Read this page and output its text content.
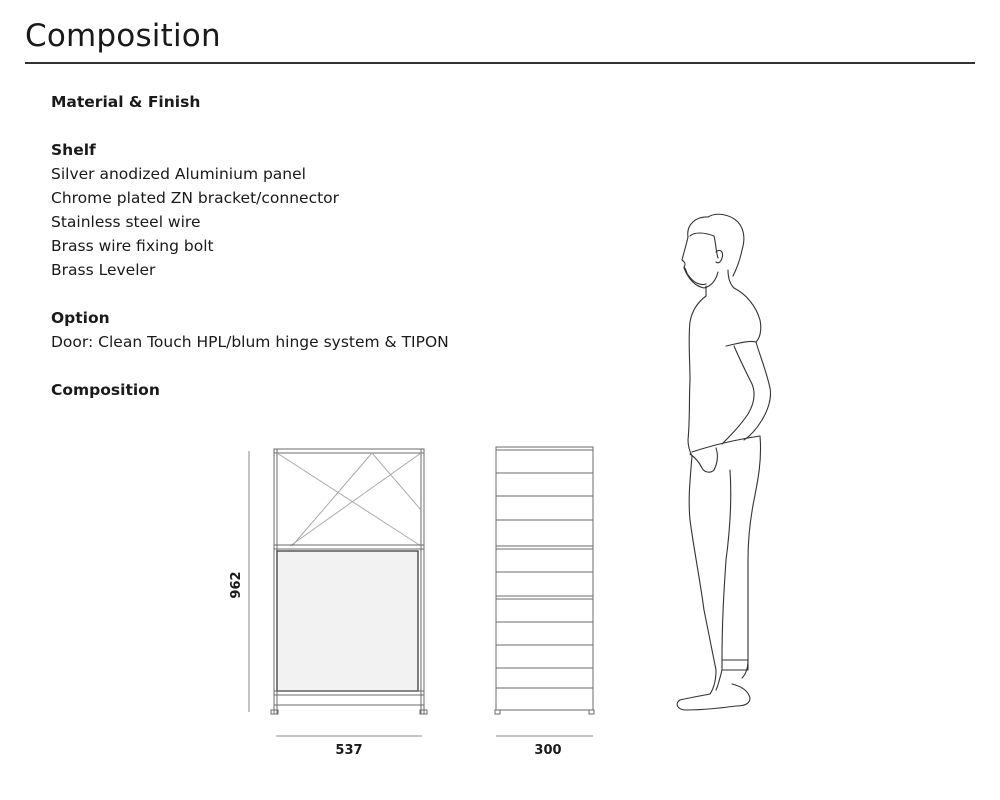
Composition
Material & Finish
Shelf
Silver anodized Aluminium panel
Chrome plated ZN bracket/connector
Stainless steel wire
Brass wire fixing bolt
Brass Leveler
Option
Door: Clean Touch HPL/blum hinge system & TIPON
Composition
962
537	300
